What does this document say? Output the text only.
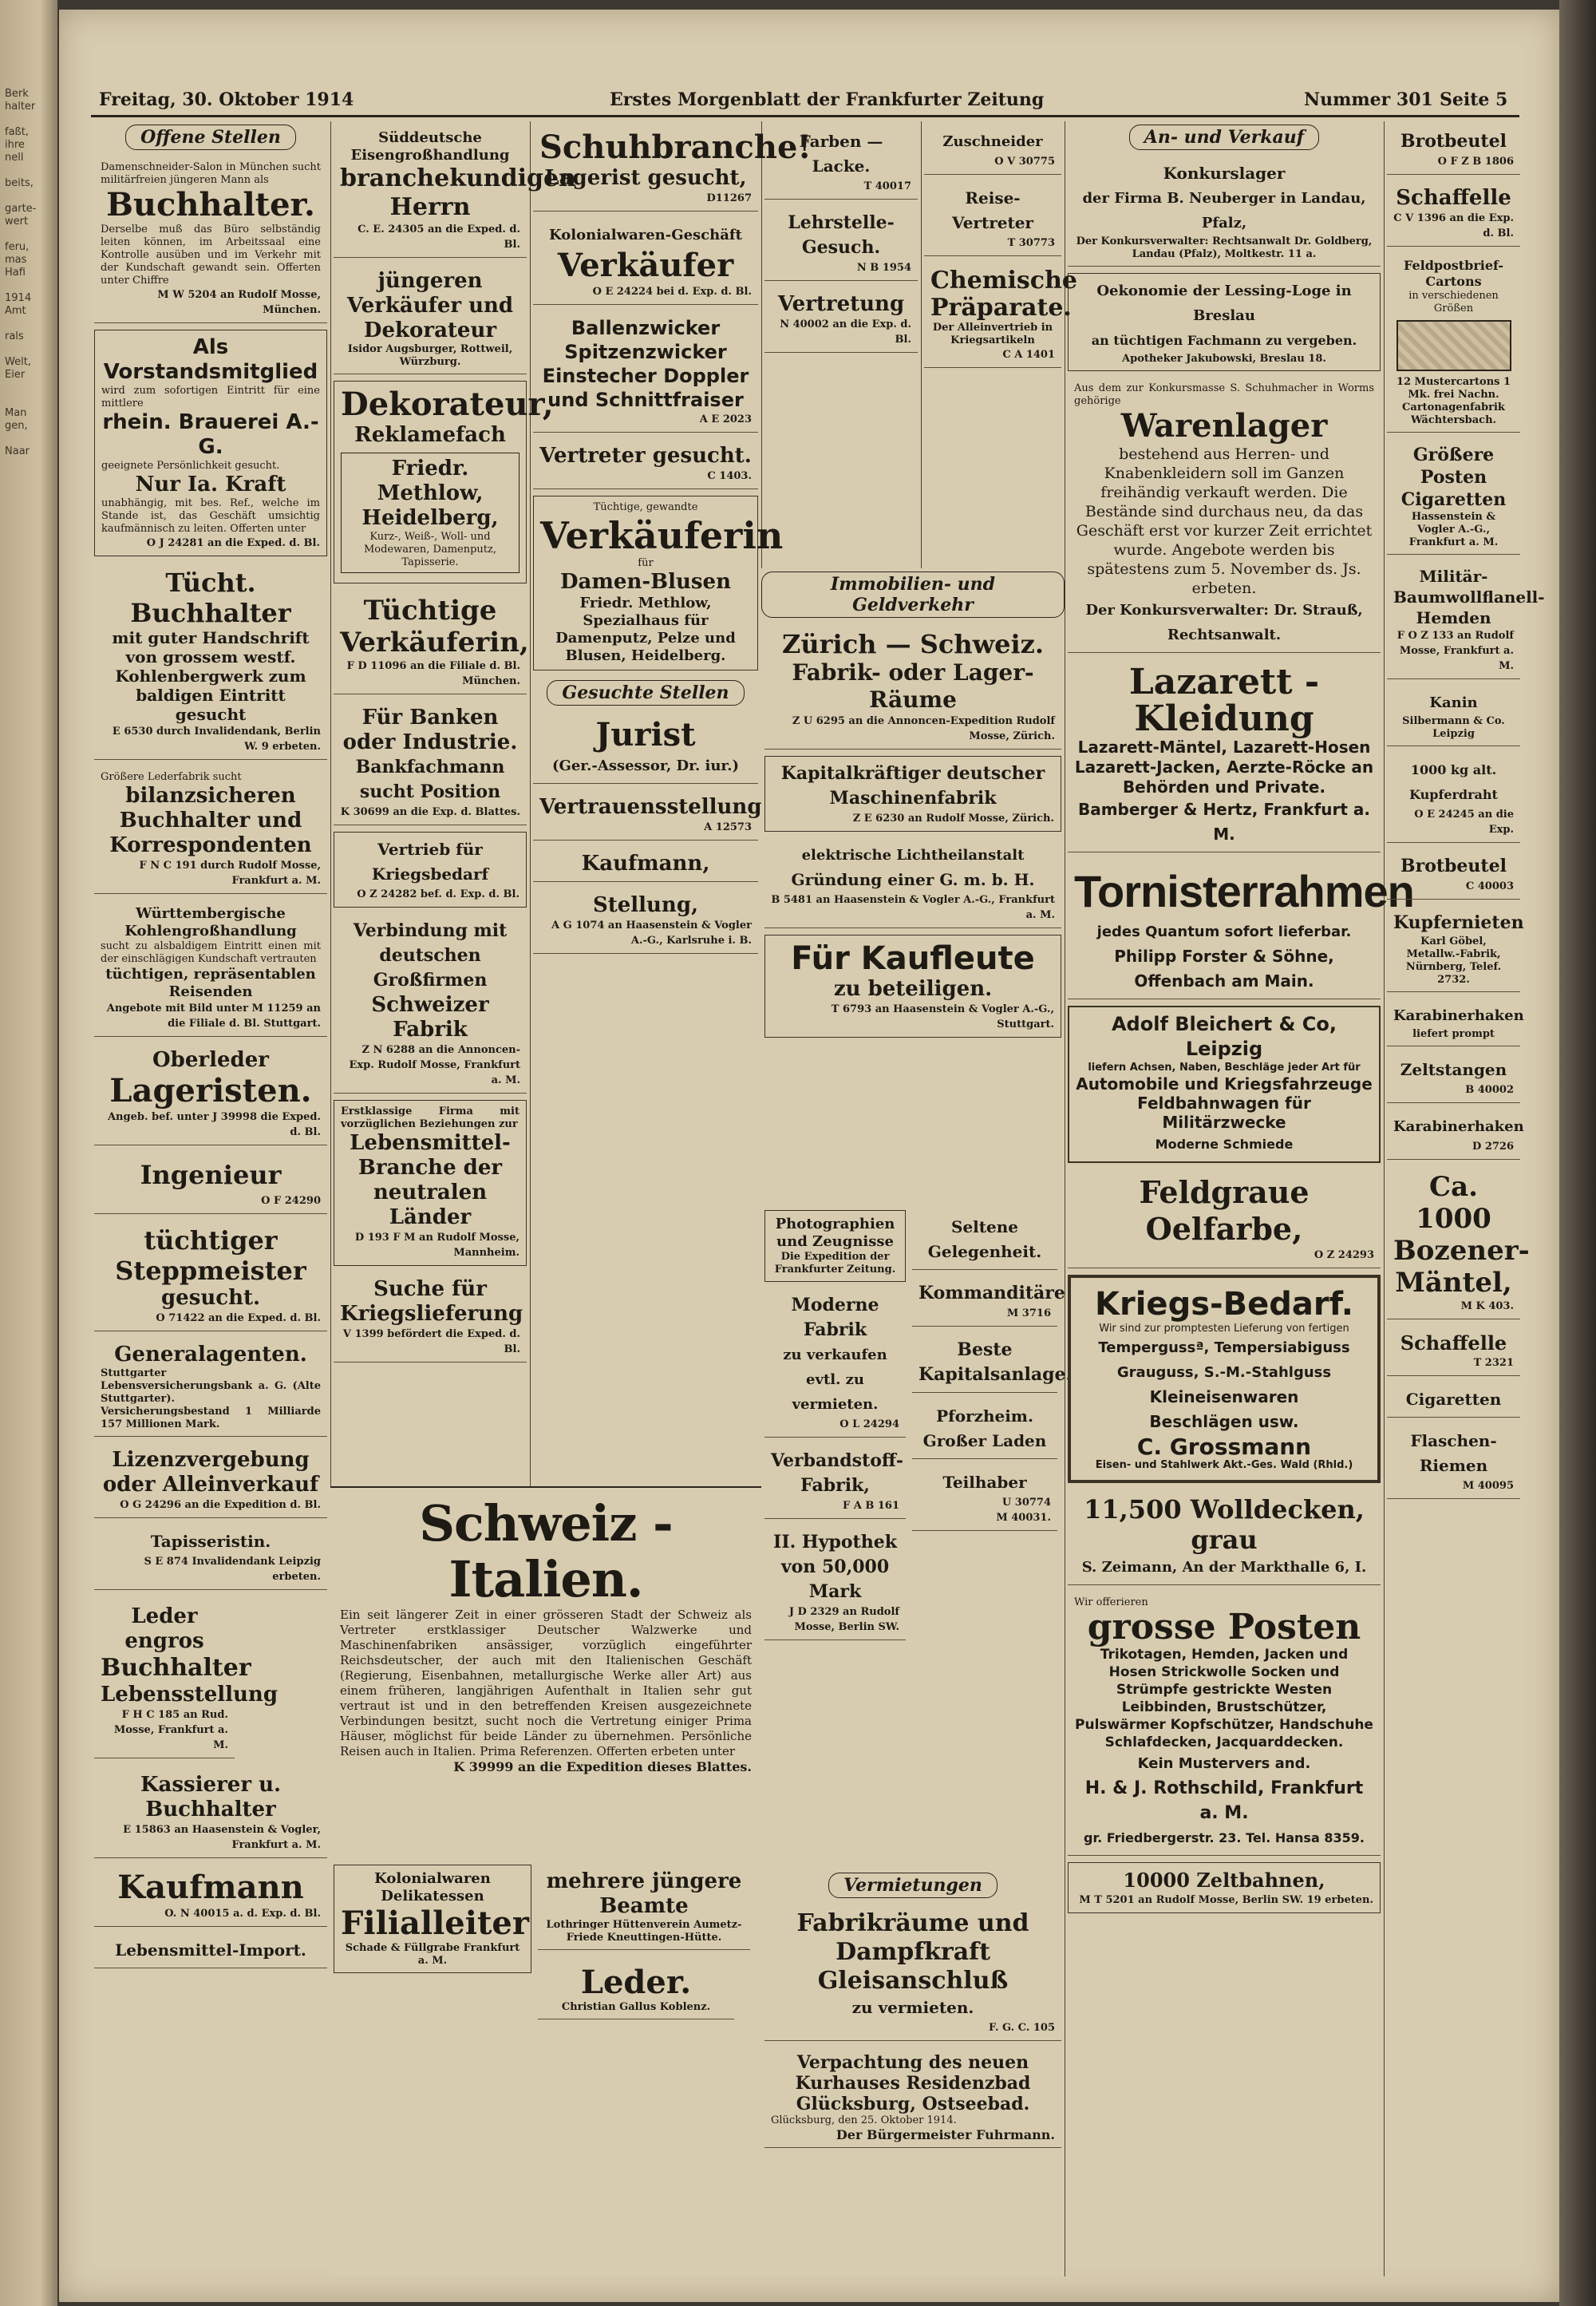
Berk
halter

faßt,
ihre
nell

beits,

garte-
wert

feru,
mas
Hafi

1914
Amt

rals

Welt,
Eier

Man
gen,

Naar

Freitag, 30. Oktober 1914	Erstes Morgenblatt der Frankfurter Zeitung	Nummer 301 Seite 5
Offene Stellen
Damenschneider-Salon in München sucht militärfreien jüngeren Mann als
Buchhalter.
Derselbe muß das Büro selbständig leiten können, im Arbeitssaal eine Kontrolle ausüben und im Verkehr mit der Kundschaft gewandt sein. Offerten unter Chiffre
M W 5204 an Rudolf Mosse, München.
Als Vorstandsmitglied
wird zum sofortigen Eintritt für eine mittlere
rhein. Brauerei A.-G.
geeignete Persönlichkeit gesucht.
Nur Ia. Kraft
unabhängig, mit bes. Ref., welche im Stande ist, das Geschäft umsichtig kaufmännisch zu leiten. Offerten unter
O J 24281 an die Exped. d. Bl.
Tücht. Buchhalter
mit guter Handschrift von grossem westf. Kohlenbergwerk zum baldigen Eintritt gesucht
E 6530 durch Invalidendank, Berlin W. 9 erbeten.
Größere Lederfabrik sucht
bilanzsicheren Buchhalter und Korrespondenten
F N C 191 durch Rudolf Mosse, Frankfurt a. M.
Württembergische Kohlengroßhandlung
sucht zu alsbaldigem Eintritt einen mit der einschlägigen Kundschaft vertrauten
tüchtigen, repräsentablen Reisenden
Angebote mit Bild unter M 11259 an die Filiale d. Bl. Stuttgart.
Oberleder
Lageristen.
Angeb. bef. unter J 39998 die Exped. d. Bl.
Ingenieur
O F 24290
tüchtiger Steppmeister
gesucht.
O 71422 an die Exped. d. Bl.
Generalagenten.
Stuttgarter Lebensversicherungsbank a. G. (Alte Stuttgarter).
Versicherungsbestand 1 Milliarde 157 Millionen Mark.
Lizenzvergebung oder Alleinverkauf
O G 24296 an die Expedition d. Bl.
Tapisseristin.
S E 874 Invalidendank Leipzig erbeten.
Leder engros
Buchhalter
Lebensstellung
F H C 185 an Rud. Mosse, Frankfurt a. M.
Kassierer u. Buchhalter
E 15863 an Haasenstein & Vogler, Frankfurt a. M.
Kaufmann
O. N 40015 a. d. Exp. d. Bl.
Lebensmittel-Import.
Süddeutsche Eisengroßhandlung
branchekundigen Herrn
C. E. 24305 an die Exped. d. Bl.
jüngeren Verkäufer und Dekorateur
Isidor Augsburger, Rottweil, Würzburg.
Dekorateur,
Reklamefach
Friedr. Methlow, Heidelberg,
Kurz-, Weiß-, Woll- und Modewaren, Damenputz, Tapisserie.
Tüchtige Verkäuferin,
F D 11096 an die Filiale d. Bl. München.
Für Banken oder Industrie.
Bankfachmann
sucht Position
K 30699 an die Exp. d. Blattes.
Vertrieb für Kriegsbedarf
O Z 24282 bef. d. Exp. d. Bl.
Verbindung mit deutschen Großfirmen
Schweizer Fabrik
Z N 6288 an die Annoncen-Exp. Rudolf Mosse, Frankfurt a. M.
Erstklassige Firma mit vorzüglichen Beziehungen zur
Lebensmittel-Branche der neutralen Länder
D 193 F M an Rudolf Mosse, Mannheim.
Suche für Kriegslieferung
V 1399 befördert die Exped. d. Bl.
Schuhbranche!
Lagerist gesucht,
D11267
Kolonialwaren-Geschäft
Verkäufer
O E 24224 bei d. Exp. d. Bl.
Ballenzwicker Spitzenzwicker Einstecher Doppler und Schnittfraiser
A E 2023
Vertreter gesucht.
C 1403.
Tüchtige, gewandte
Verkäuferin
für
Damen-Blusen
Friedr. Methlow, Spezialhaus für Damenputz, Pelze und Blusen, Heidelberg.
Gesuchte Stellen
Jurist
(Ger.-Assessor, Dr. iur.)
Vertrauensstellung
A 12573
Kaufmann,
Stellung,
A G 1074 an Haasenstein & Vogler A.-G., Karlsruhe i. B.
Schweiz - Italien.
Ein seit längerer Zeit in einer grösseren Stadt der Schweiz als Vertreter erstklassiger Deutscher Walzwerke und Maschinenfabriken ansässiger, vorzüglich eingeführter Reichsdeutscher, der auch mit den Italienischen Geschäft (Regierung, Eisenbahnen, metallurgische Werke aller Art) aus einem früheren, langjährigen Aufenthalt in Italien sehr gut vertraut ist und in den betreffenden Kreisen ausgezeichnete Verbindungen besitzt, sucht noch die Vertretung einiger Prima Häuser, möglichst für beide Länder zu übernehmen. Persönliche Reisen auch in Italien. Prima Referenzen. Offerten erbeten unter
K 39999 an die Expedition dieses Blattes.
Kolonialwaren Delikatessen
Filialleiter
Schade & Füllgrabe Frankfurt a. M.
mehrere jüngere Beamte
Lothringer Hüttenverein Aumetz-Friede Kneuttingen-Hütte.
Leder.
Christian Gallus Koblenz.
Farben — Lacke.
T 40017
Lehrstelle-Gesuch.
N B 1954
Vertretung
N 40002 an die Exp. d. Bl.
Zuschneider
O V 30775
Reise-Vertreter
T 30773
Chemische Präparate.
Der Alleinvertrieb in Kriegsartikeln
C A 1401
Immobilien- und Geldverkehr
Zürich — Schweiz.
Fabrik- oder Lager-Räume
Z U 6295 an die Annoncen-Expedition Rudolf Mosse, Zürich.
Kapitalkräftiger deutscher Maschinenfabrik
Z E 6230 an Rudolf Mosse, Zürich.
elektrische Lichtheilanstalt
Gründung einer G. m. b. H.
B 5481 an Haasenstein & Vogler A.-G., Frankfurt a. M.
Für Kaufleute
zu beteiligen.
T 6793 an Haasenstein & Vogler A.-G., Stuttgart.
Photographien und Zeugnisse
Die Expedition der Frankfurter Zeitung.
Moderne Fabrik
zu verkaufen evtl. zu vermieten.
O L 24294
Verbandstoff-Fabrik,
F A B 161
II. Hypothek von 50,000 Mark
J D 2329 an Rudolf Mosse, Berlin SW.
Seltene Gelegenheit.
Kommanditäre
M 3716
Beste Kapitalsanlage.
Pforzheim. Großer Laden
Teilhaber
U 30774
M 40031.
Vermietungen
Fabrikräume und Dampfkraft Gleisanschluß
zu vermieten.
F. G. C. 105
Verpachtung des neuen Kurhauses Residenzbad Glücksburg, Ostseebad.
Glücksburg, den 25. Oktober 1914.
Der Bürgermeister Fuhrmann.
An- und Verkauf
Konkurslager
der Firma B. Neuberger in Landau, Pfalz,
Der Konkursverwalter: Rechtsanwalt Dr. Goldberg, Landau (Pfalz), Moltkestr. 11 a.
Oekonomie der Lessing-Loge in Breslau
an tüchtigen Fachmann zu vergeben.
Apotheker Jakubowski, Breslau 18.
Aus dem zur Konkursmasse S. Schuhmacher in Worms gehörige
Warenlager
bestehend aus Herren- und Knabenkleidern soll im Ganzen freihändig verkauft werden. Die Bestände sind durchaus neu, da das Geschäft erst vor kurzer Zeit errichtet wurde. Angebote werden bis spätestens zum 5. November ds. Js. erbeten.
Der Konkursverwalter: Dr. Strauß, Rechtsanwalt.
Lazarett - Kleidung
Lazarett-Mäntel, Lazarett-Hosen Lazarett-Jacken, Aerzte-Röcke an Behörden und Private.
Bamberger & Hertz, Frankfurt a. M.
Tornisterrahmen
jedes Quantum sofort lieferbar.
Philipp Forster & Söhne, Offenbach am Main.
Adolf Bleichert & Co, Leipzig
liefern Achsen, Naben, Beschläge jeder Art für
Automobile und Kriegsfahrzeuge Feldbahnwagen für Militärzwecke
Moderne Schmiede
Feldgraue Oelfarbe,
O Z 24293
Kriegs-Bedarf.
Wir sind zur promptesten Lieferung von fertigen
Tempergussª, Tempersiabiguss Grauguss, S.-M.-Stahlguss
Kleineisenwaren
Beschlägen usw.
C. Grossmann
Eisen- und Stahlwerk Akt.-Ges. Wald (Rhld.)
11,500 Wolldecken, grau
S. Zeimann, An der Markthalle 6, I.
Wir offerieren
grosse Posten
Trikotagen, Hemden, Jacken und Hosen Strickwolle Socken und Strümpfe gestrickte Westen Leibbinden, Brustschützer, Pulswärmer Kopfschützer, Handschuhe Schlafdecken, Jacquarddecken.
Kein Mustervers and.
H. & J. Rothschild, Frankfurt a. M.
gr. Friedbergerstr. 23. Tel. Hansa 8359.
10000 Zeltbahnen,
M T 5201 an Rudolf Mosse, Berlin SW. 19 erbeten.
Brotbeutel
O F Z B 1806
Schaffelle
C V 1396 an die Exp. d. Bl.
Feldpostbrief-Cartons
in verschiedenen Größen
12 Mustercartons 1 Mk. frei Nachn. Cartonagenfabrik Wächtersbach.
Größere Posten Cigaretten
Hassenstein & Vogler A.-G., Frankfurt a. M.
Militär-Baumwollflanell-Hemden
F O Z 133 an Rudolf Mosse, Frankfurt a. M.
Kanin
Silbermann & Co. Leipzig
1000 kg alt. Kupferdraht
O E 24245 an die Exp.
Brotbeutel
C 40003
Kupfernieten
Karl Göbel, Metallw.-Fabrik, Nürnberg, Telef. 2732.
Karabinerhaken
liefert prompt
Zeltstangen
B 40002
Karabinerhaken
D 2726
Ca. 1000 Bozener-Mäntel,
M K 403.
Schaffelle
T 2321
Cigaretten
Flaschen-Riemen
M 40095
